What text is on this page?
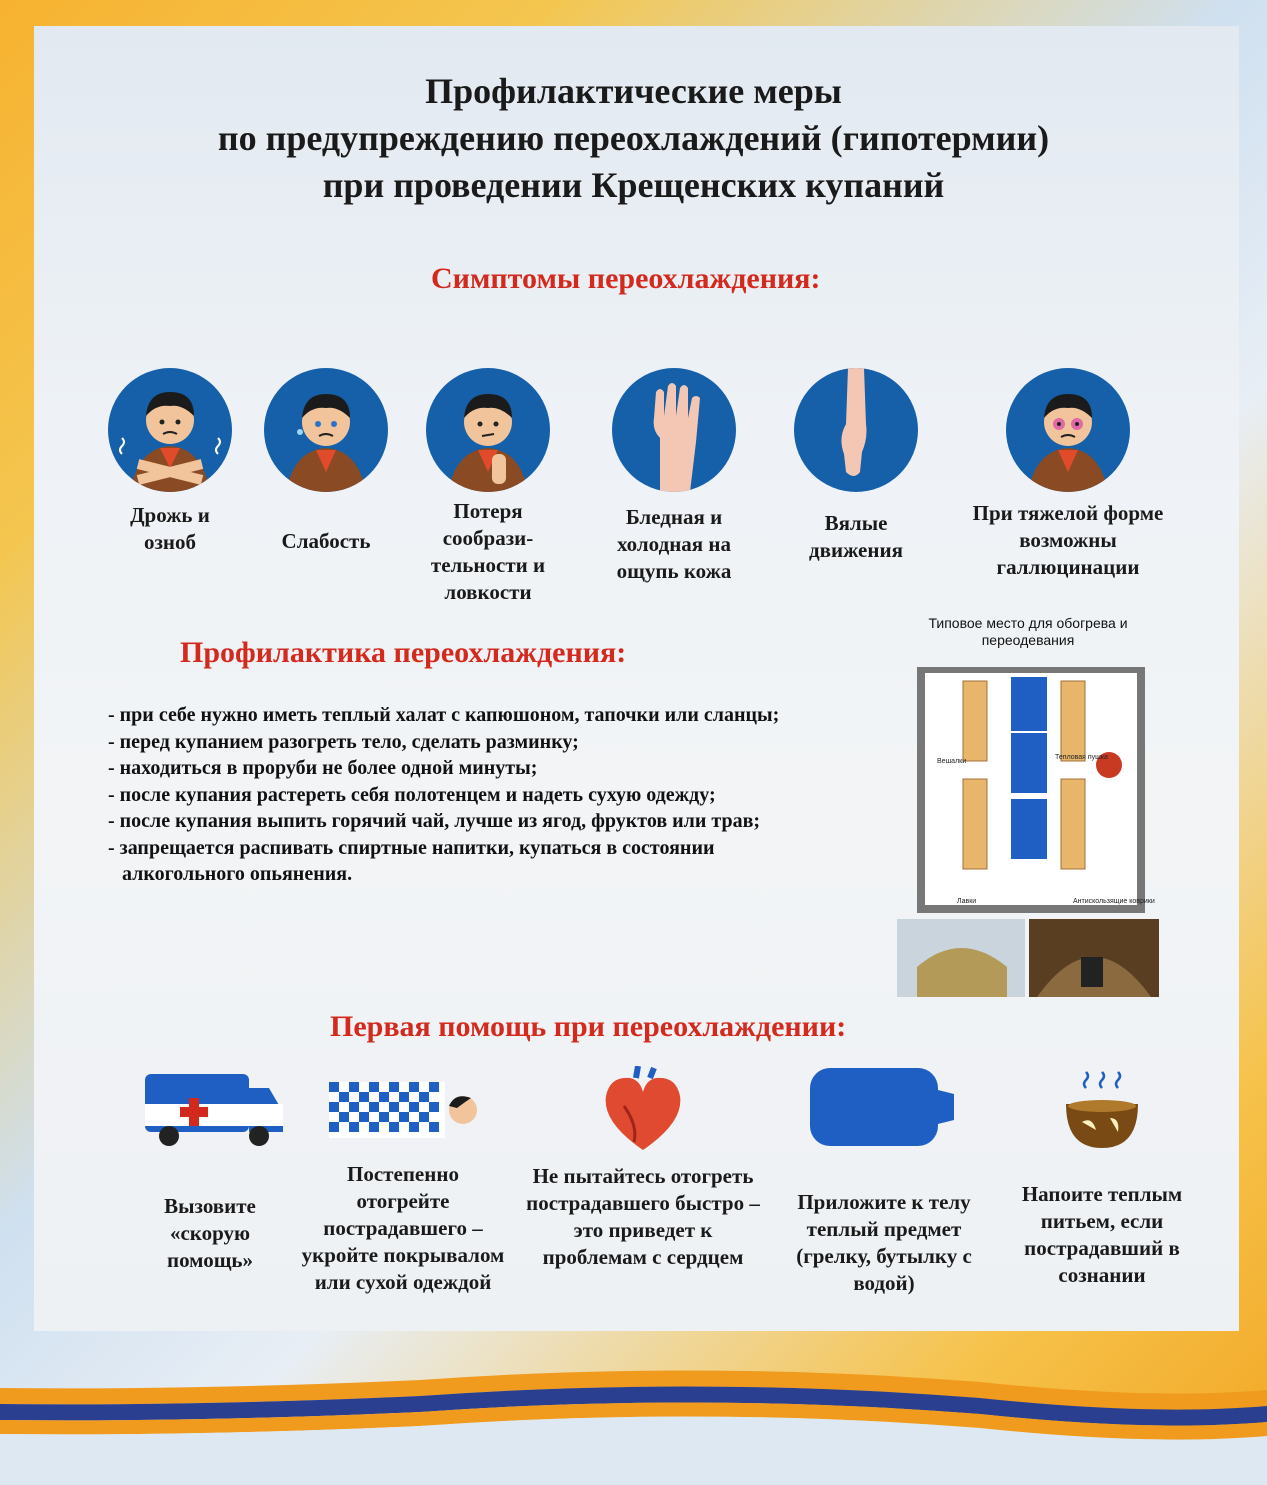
Профилактические меры
по предупреждению переохлаждений (гипотермии)
при проведении Крещенских купаний
Симптомы переохлаждения:
Дрожь и озноб	Слабость
Потеря сообрази-тельности и ловкости
Бледная и холодная на ощупь кожа
Вялые движения
При тяжелой форме возможны галлюцинации
Профилактика переохлаждения:
- при себе нужно иметь теплый халат с капюшоном, тапочки или сланцы;
- перед купанием разогреть тело, сделать разминку;
- находиться в проруби не более одной минуты;
- после купания растереть себя полотенцем и надеть сухую одежду;
- после купания выпить горячий чай, лучше из ягод, фруктов или трав;
- запрещается распивать спиртные напитки, купаться в состоянии алкогольного опьянения.
Типовое место для обогрева и переодевания
Вешалки
Тепловая пушка
Лавки	Антискользящие коврики
Первая помощь при переохлаждении:
Вызовите «скорую помощь»
Постепенно отогрейте пострадавшего – укройте покрывалом или сухой одеждой
Не пытайтесь отогреть пострадавшего быстро – это приведет к проблемам с сердцем
Приложите к телу теплый предмет (грелку, бутылку с водой)
Напоите теплым питьем, если пострадавший в сознании
